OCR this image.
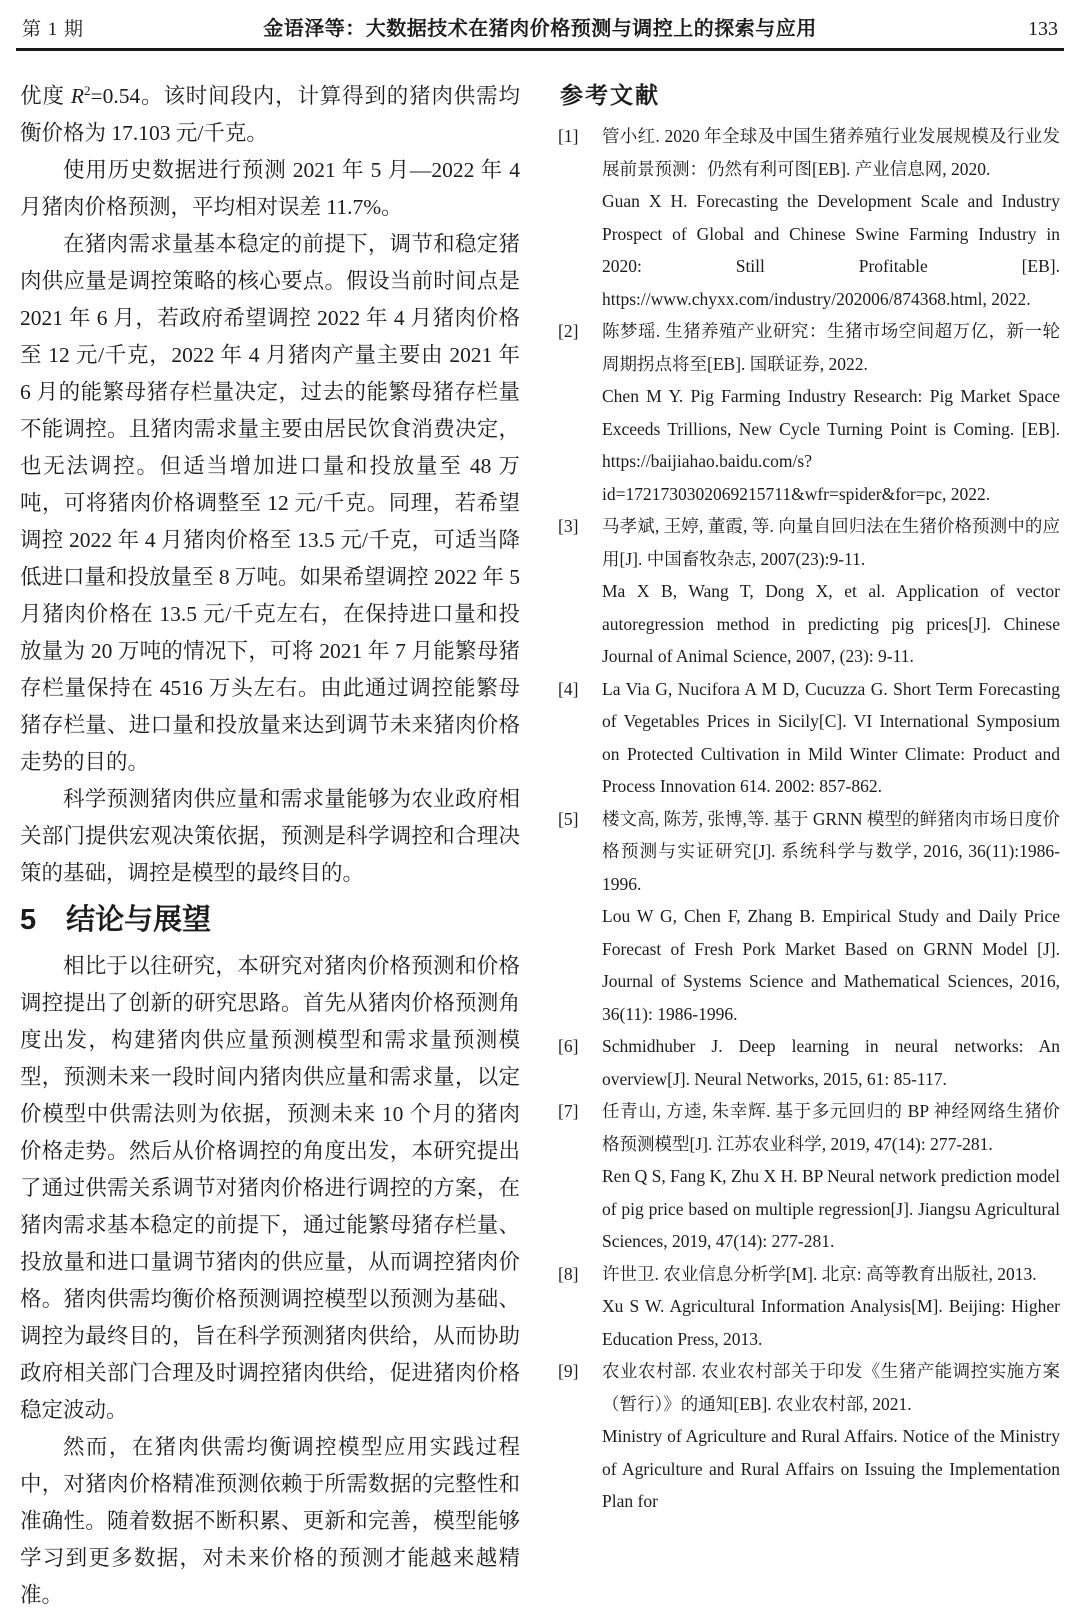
第 1 期	金语泽等：大数据技术在猪肉价格预测与调控上的探索与应用	133

优度 $R^2=0.54$。该时间段内，计算得到的猪肉供需均衡价格为 17.103 元/千克。

使用历史数据进行预测 2021 年 5 月—2022 年 4 月猪肉价格预测，平均相对误差 11.7%。

在猪肉需求量基本稳定的前提下，调节和稳定猪肉供应量是调控策略的核心要点。假设当前时间点是 2021 年 6 月，若政府希望调控 2022 年 4 月猪肉价格至 12 元/千克，2022 年 4 月猪肉产量主要由 2021 年 6 月的能繁母猪存栏量决定，过去的能繁母猪存栏量不能调控。且猪肉需求量主要由居民饮食消费决定，也无法调控。但适当增加进口量和投放量至 48 万吨，可将猪肉价格调整至 12 元/千克。同理，若希望调控 2022 年 4 月猪肉价格至 13.5 元/千克，可适当降低进口量和投放量至 8 万吨。如果希望调控 2022 年 5 月猪肉价格在 13.5 元/千克左右，在保持进口量和投放量为 20 万吨的情况下，可将 2021 年 7 月能繁母猪存栏量保持在 4516 万头左右。由此通过调控能繁母猪存栏量、进口量和投放量来达到调节未来猪肉价格走势的目的。

科学预测猪肉供应量和需求量能够为农业政府相关部门提供宏观决策依据，预测是科学调控和合理决策的基础，调控是模型的最终目的。

5 结论与展望

相比于以往研究，本研究对猪肉价格预测和价格调控提出了创新的研究思路。首先从猪肉价格预测角度出发，构建猪肉供应量预测模型和需求量预测模型，预测未来一段时间内猪肉供应量和需求量，以定价模型中供需法则为依据，预测未来 10 个月的猪肉价格走势。然后从价格调控的角度出发，本研究提出了通过供需关系调节对猪肉价格进行调控的方案，在猪肉需求基本稳定的前提下，通过能繁母猪存栏量、投放量和进口量调节猪肉的供应量，从而调控猪肉价格。猪肉供需均衡价格预测调控模型以预测为基础、调控为最终目的，旨在科学预测猪肉供给，从而协助政府相关部门合理及时调控猪肉供给，促进猪肉价格稳定波动。

然而，在猪肉供需均衡调控模型应用实践过程中，对猪肉价格精准预测依赖于所需数据的完整性和准确性。随着数据不断积累、更新和完善，模型能够学习到更多数据，对未来价格的预测才能越来越精准。

参考文献
[1]	管小红. 2020 年全球及中国生猪养殖行业发展规模及行业发展前景预测：仍然有利可图[EB]. 产业信息网, 2020.
Guan X H. Forecasting the Development Scale and Industry Prospect of Global and Chinese Swine Farming Industry in 2020: Still Profitable [EB]. https://www.chyxx.com/industry/202006/874368.html, 2022.
[2]	陈梦瑶. 生猪养殖产业研究：生猪市场空间超万亿，新一轮周期拐点将至[EB]. 国联证券, 2022.
Chen M Y. Pig Farming Industry Research: Pig Market Space Exceeds Trillions, New Cycle Turning Point is Coming. [EB]. https://baijiahao.baidu.com/s?id=1721730302069215711&wfr=spider&for=pc, 2022.
[3]	马孝斌, 王婷, 董霞, 等. 向量自回归法在生猪价格预测中的应用[J]. 中国畜牧杂志, 2007(23):9-11.
Ma X B, Wang T, Dong X, et al. Application of vector autoregression method in predicting pig prices[J]. Chinese Journal of Animal Science, 2007, (23): 9-11.
[4]	La Via G, Nucifora A M D, Cucuzza G. Short Term Forecasting of Vegetables Prices in Sicily[C]. VI International Symposium on Protected Cultivation in Mild Winter Climate: Product and Process Innovation 614. 2002: 857-862.
[5]	楼文高, 陈芳, 张博,等. 基于 GRNN 模型的鲜猪肉市场日度价格预测与实证研究[J]. 系统科学与数学, 2016, 36(11):1986-1996.
Lou W G, Chen F, Zhang B. Empirical Study and Daily Price Forecast of Fresh Pork Market Based on GRNN Model [J]. Journal of Systems Science and Mathematical Sciences, 2016, 36(11): 1986-1996.
[6]	Schmidhuber J. Deep learning in neural networks: An overview[J]. Neural Networks, 2015, 61: 85-117.
[7]	任青山, 方逵, 朱幸辉. 基于多元回归的 BP 神经网络生猪价格预测模型[J]. 江苏农业科学, 2019, 47(14): 277-281.
Ren Q S, Fang K, Zhu X H. BP Neural network prediction model of pig price based on multiple regression[J]. Jiangsu Agricultural Sciences, 2019, 47(14): 277-281.
[8]	许世卫. 农业信息分析学[M]. 北京: 高等教育出版社, 2013.
Xu S W. Agricultural Information Analysis[M]. Beijing: Higher Education Press, 2013.
[9]	农业农村部. 农业农村部关于印发《生猪产能调控实施方案（暂行）》的通知[EB]. 农业农村部, 2021.
Ministry of Agriculture and Rural Affairs. Notice of the Ministry of Agriculture and Rural Affairs on Issuing the Implementation Plan for
